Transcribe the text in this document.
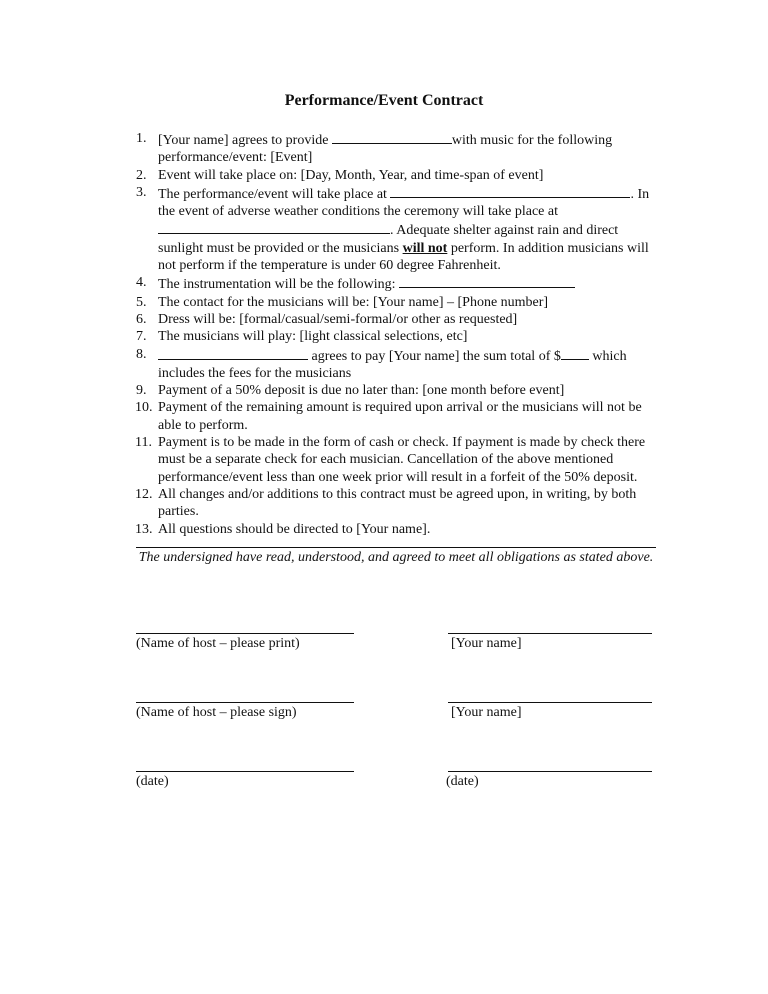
Performance/Event Contract
1. [Your name] agrees to provide	with music for the following performance/event: [Event]
2. Event will take place on: [Day, Month, Year, and time-span of event]
3. The performance/event will take place at	. In the event of adverse weather conditions the ceremony will take place at . Adequate shelter against rain and direct sunlight must be provided or the musicians will not perform. In addition musicians will not perform if the temperature is under 60 degree Fahrenheit.
4. The instrumentation will be the following:
5. The contact for the musicians will be: [Your name] – [Phone number]
6. Dress will be: [formal/casual/semi-formal/or other as requested]
7. The musicians will play: [light classical selections, etc]
8.	agrees to pay [Your name] the sum total of $ which includes the fees for the musicians
9. Payment of a 50% deposit is due no later than: [one month before event]
10. Payment of the remaining amount is required upon arrival or the musicians will not be able to perform.
11. Payment is to be made in the form of cash or check. If payment is made by check there must be a separate check for each musician. Cancellation of the above mentioned performance/event less than one week prior will result in a forfeit of the 50% deposit.
12. All changes and/or additions to this contract must be agreed upon, in writing, by both parties.
13. All questions should be directed to [Your name].
The undersigned have read, understood, and agreed to meet all obligations as stated above.
(Name of host – please print)	[Your name]
(Name of host – please sign)	[Your name]
(date)	(date)
